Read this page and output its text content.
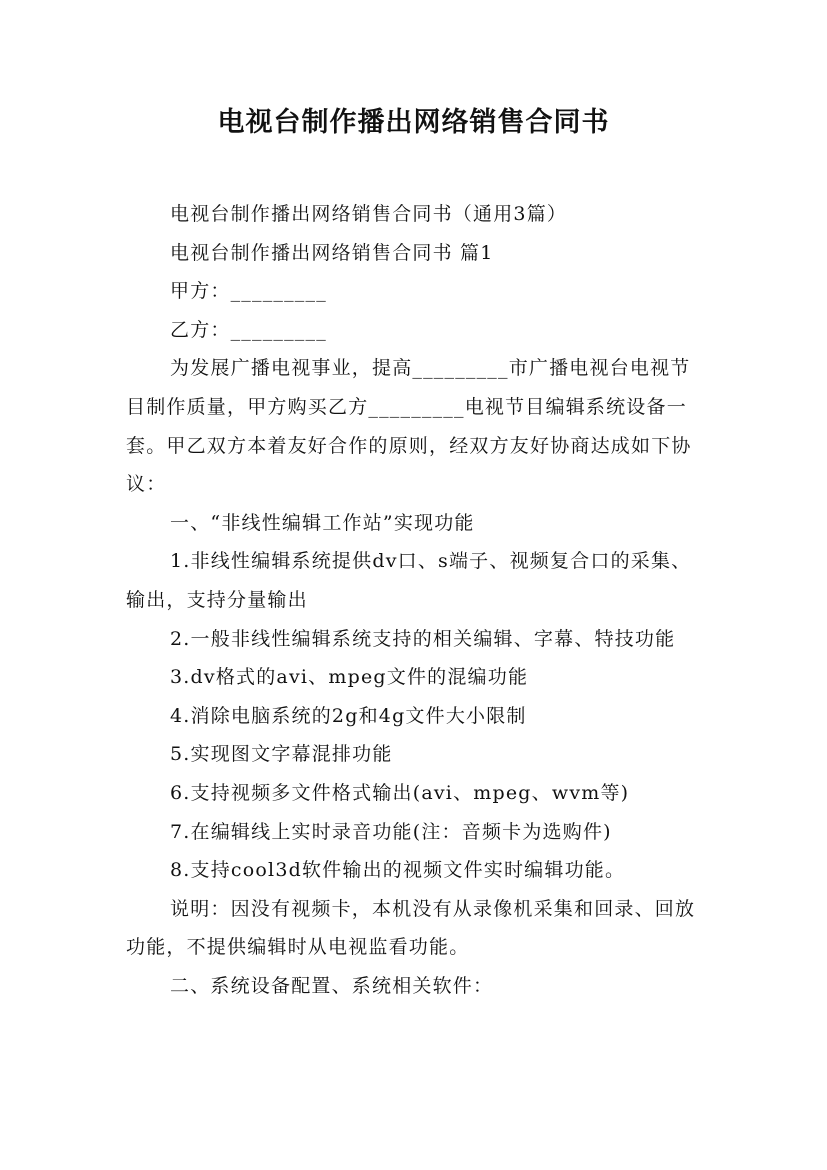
电视台制作播出网络销售合同书

电视台制作播出网络销售合同书（通用3篇）

电视台制作播出网络销售合同书 篇1

甲方：_________

乙方：_________

为发展广播电视事业，提高_________市广播电视台电视节目制作质量，甲方购买乙方_________电视节目编辑系统设备一套。甲乙双方本着友好合作的原则，经双方友好协商达成如下协议：

一、“非线性编辑工作站”实现功能

1.非线性编辑系统提供dv口、s端子、视频复合口的采集、输出，支持分量输出

2.一般非线性编辑系统支持的相关编辑、字幕、特技功能

3.dv格式的avi、mpeg文件的混编功能

4.消除电脑系统的2g和4g文件大小限制

5.实现图文字幕混排功能

6.支持视频多文件格式输出(avi、mpeg、wvm等)

7.在编辑线上实时录音功能(注：音频卡为选购件)

8.支持cool3d软件输出的视频文件实时编辑功能。

说明：因没有视频卡，本机没有从录像机采集和回录、回放功能，不提供编辑时从电视监看功能。

二、系统设备配置、系统相关软件：
